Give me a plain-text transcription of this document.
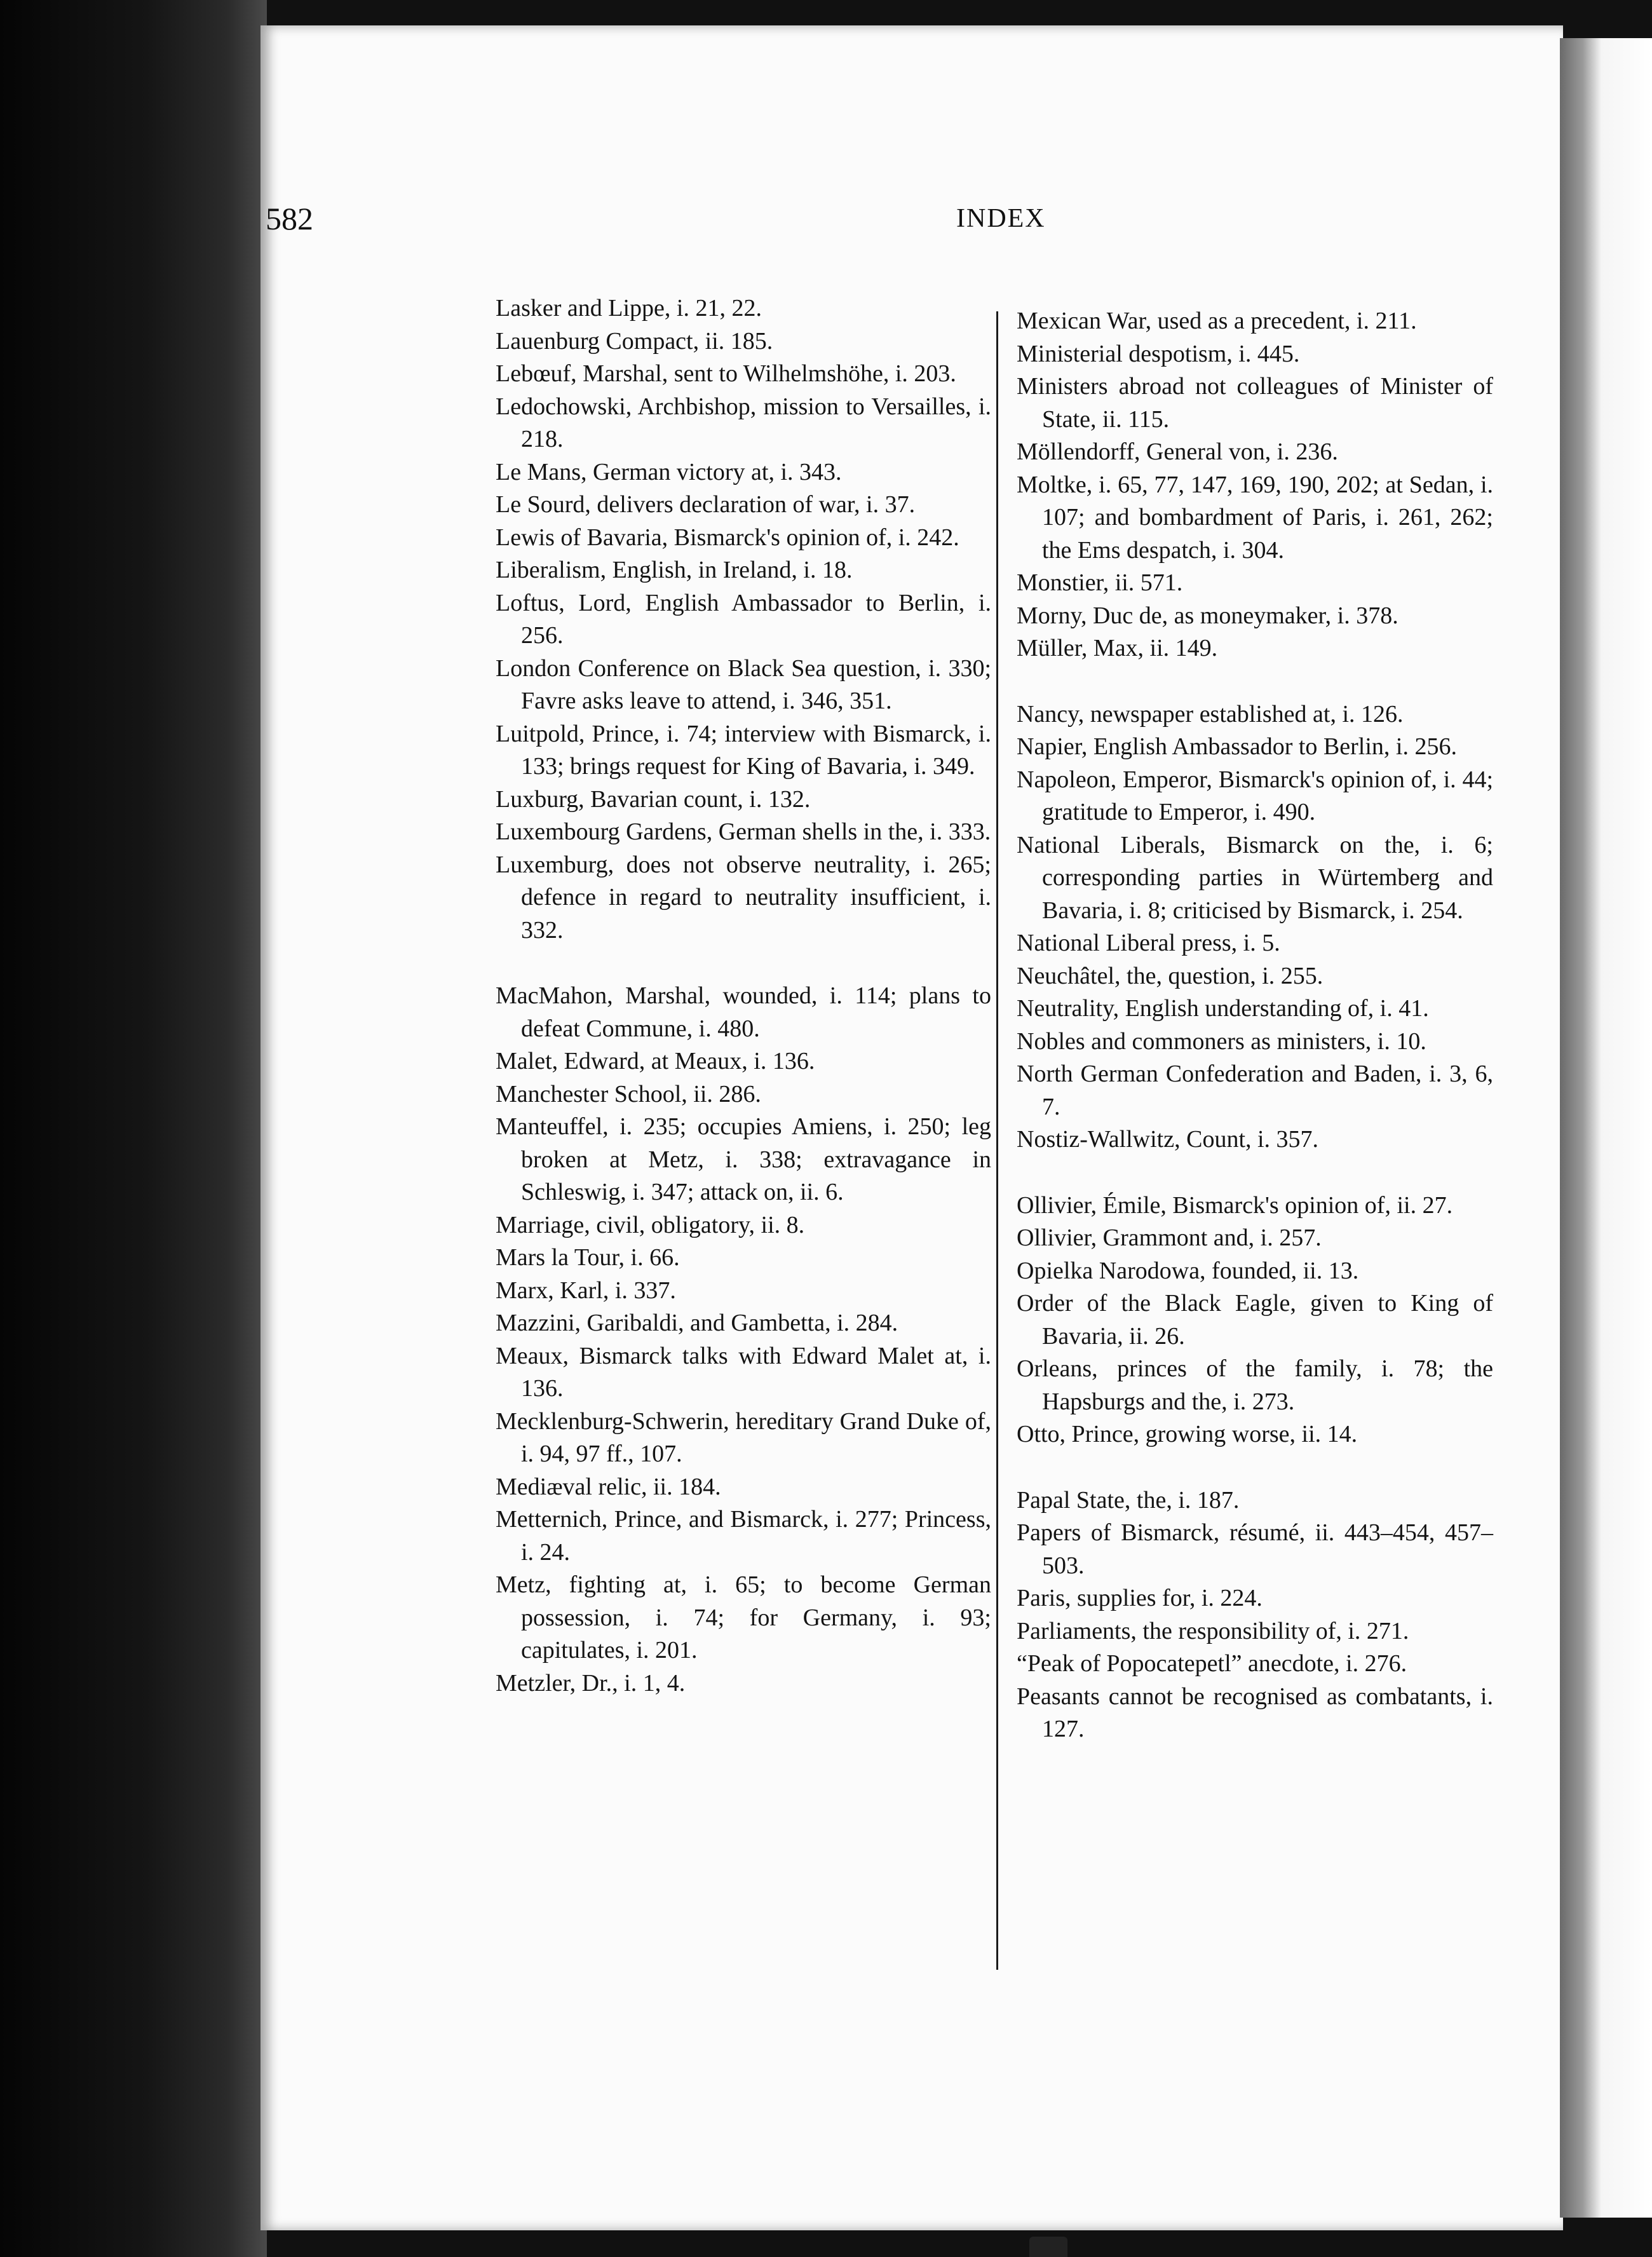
582	INDEX
Lasker and Lippe, i. 21, 22.
Lauenburg Compact, ii. 185.
Lebœuf, Marshal, sent to Wilhelmshöhe, i. 203.
Ledochowski, Archbishop, mission to Versailles, i. 218.
Le Mans, German victory at, i. 343.
Le Sourd, delivers declaration of war, i. 37.
Lewis of Bavaria, Bismarck's opinion of, i. 242.
Liberalism, English, in Ireland, i. 18.
Loftus, Lord, English Ambassador to Berlin, i. 256.
London Conference on Black Sea question, i. 330; Favre asks leave to attend, i. 346, 351.
Luitpold, Prince, i. 74; interview with Bismarck, i. 133; brings request for King of Bavaria, i. 349.
Luxburg, Bavarian count, i. 132.
Luxembourg Gardens, German shells in the, i. 333.
Luxemburg, does not observe neutrality, i. 265; defence in regard to neutrality insufficient, i. 332.
MacMahon, Marshal, wounded, i. 114; plans to defeat Commune, i. 480.
Malet, Edward, at Meaux, i. 136.
Manchester School, ii. 286.
Manteuffel, i. 235; occupies Amiens, i. 250; leg broken at Metz, i. 338; extravagance in Schleswig, i. 347; attack on, ii. 6.
Marriage, civil, obligatory, ii. 8.
Mars la Tour, i. 66.
Marx, Karl, i. 337.
Mazzini, Garibaldi, and Gambetta, i. 284.
Meaux, Bismarck talks with Edward Malet at, i. 136.
Mecklenburg-Schwerin, hereditary Grand Duke of, i. 94, 97 ff., 107.
Mediæval relic, ii. 184.
Metternich, Prince, and Bismarck, i. 277; Princess, i. 24.
Metz, fighting at, i. 65; to become German possession, i. 74; for Germany, i. 93; capitulates, i. 201.
Metzler, Dr., i. 1, 4.
Mexican War, used as a precedent, i. 211.
Ministerial despotism, i. 445.
Ministers abroad not colleagues of Minister of State, ii. 115.
Möllendorff, General von, i. 236.
Moltke, i. 65, 77, 147, 169, 190, 202; at Sedan, i. 107; and bombardment of Paris, i. 261, 262; the Ems despatch, i. 304.
Monstier, ii. 571.
Morny, Duc de, as moneymaker, i. 378.
Müller, Max, ii. 149.
Nancy, newspaper established at, i. 126.
Napier, English Ambassador to Berlin, i. 256.
Napoleon, Emperor, Bismarck's opinion of, i. 44; gratitude to Emperor, i. 490.
National Liberals, Bismarck on the, i. 6; corresponding parties in Würtemberg and Bavaria, i. 8; criticised by Bismarck, i. 254.
National Liberal press, i. 5.
Neuchâtel, the, question, i. 255.
Neutrality, English understanding of, i. 41.
Nobles and commoners as ministers, i. 10.
North German Confederation and Baden, i. 3, 6, 7.
Nostiz-Wallwitz, Count, i. 357.
Ollivier, Émile, Bismarck's opinion of, ii. 27.
Ollivier, Grammont and, i. 257.
Opielka Narodowa, founded, ii. 13.
Order of the Black Eagle, given to King of Bavaria, ii. 26.
Orleans, princes of the family, i. 78; the Hapsburgs and the, i. 273.
Otto, Prince, growing worse, ii. 14.
Papal State, the, i. 187.
Papers of Bismarck, résumé, ii. 443–454, 457–503.
Paris, supplies for, i. 224.
Parliaments, the responsibility of, i. 271.
“Peak of Popocatepetl” anecdote, i. 276.
Peasants cannot be recognised as combatants, i. 127.
